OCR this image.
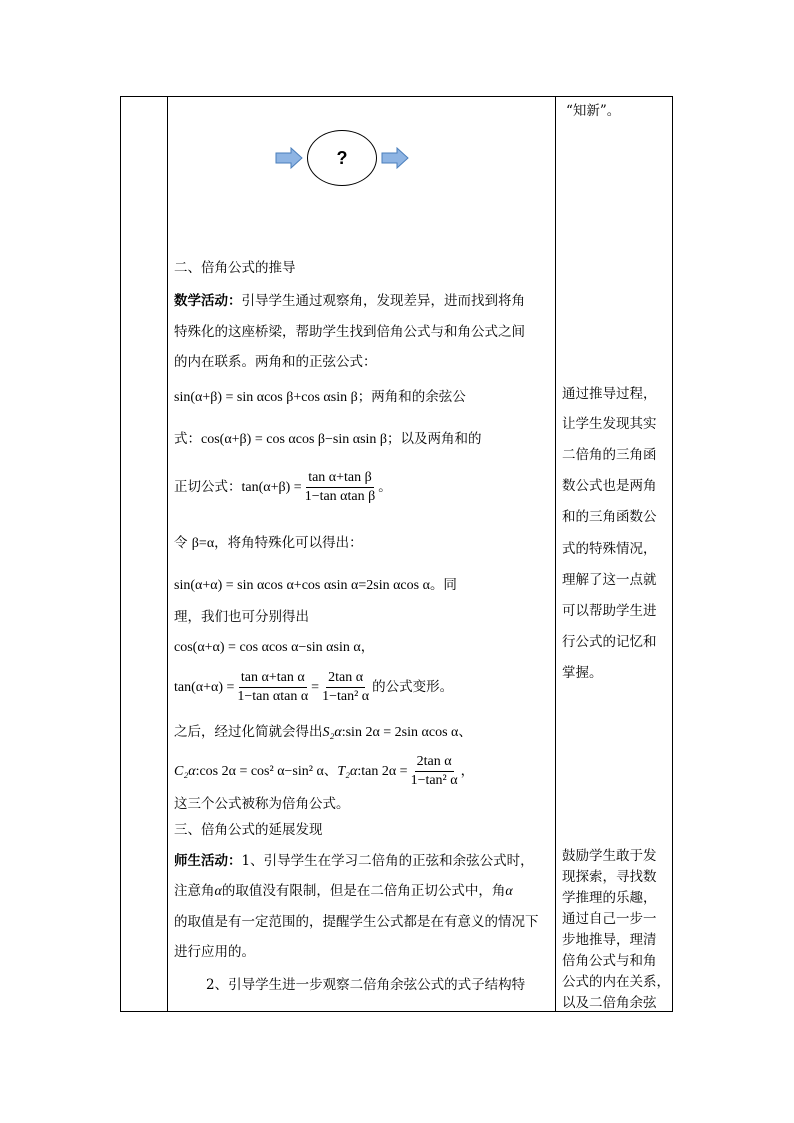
“知新”。
?
二、倍角公式的推导
数学活动：引导学生通过观察角，发现差异，进而找到将角
特殊化的这座桥梁，帮助学生找到倍角公式与和角公式之间
的内在联系。两角和的正弦公式：
sin(α+β) = sin αcos β+cos αsin β；两角和的余弦公
式：cos(α+β) = cos αcos β−sin αsin β；以及两角和的
正切公式： $\tan(\alpha+\beta) = \frac{\text{tan α+tan β}}{\text{1−tan αtan β}}$ 。
令 β=α，将角特殊化可以得出：
sin(α+α) = sin αcos α+cos αsin α=2sin αcos α。同
理，我们也可分别得出
cos(α+α) = cos αcos α−sin αsin α，
$\tan(\alpha+\alpha) = \frac{\text{tan α+tan α}}{\text{1−tan αtan α}} = \frac{\text{2tan α}}{\text{1−tan² α}}$ 的公式变形。
之后，经过化简就会得出S₂α:sin 2α = 2sin αcos α、
C₂α :cos 2α = cos² α−sin² α 、 T₂α :tan $2\alpha = \frac{\text{2tan α}}{\text{1−tan² α}}$ ，
这三个公式被称为倍角公式。
三、倍角公式的延展发现
师生活动：1、引导学生在学习二倍角的正弦和余弦公式时，
注意角α的取值没有限制，但是在二倍角正切公式中，角α
的取值是有一定范围的，提醒学生公式都是在有意义的情况下
进行应用的。
2、引导学生进一步观察二倍角余弦公式的式子结构特
通过推导过程，
让学生发现其实
二倍角的三角函
数公式也是两角
和的三角函数公
式的特殊情况，
理解了这一点就
可以帮助学生进
行公式的记忆和
掌握。
鼓励学生敢于发
现探索，寻找数
学推理的乐趣，
通过自己一步一
步地推导，理清
倍角公式与和角
公式的内在关系，
以及二倍角余弦
